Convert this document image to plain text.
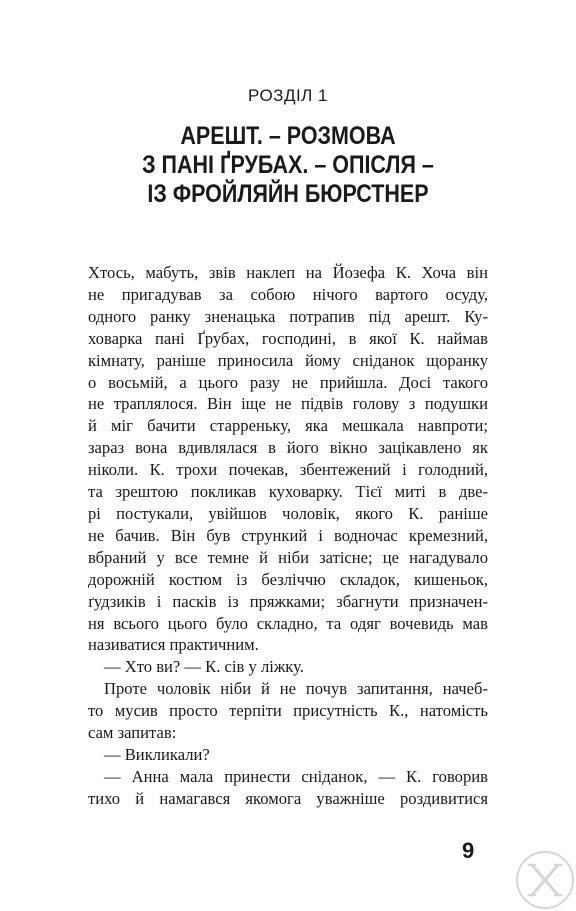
РОЗДІЛ 1
АРЕШТ. – РОЗМОВА
З ПАНІ ҐРУБАХ. – ОПІСЛЯ –
ІЗ ФРОЙЛЯЙН БЮРСТНЕР

Хтось, мабуть, звів наклеп на Йозефа К. Хоча він
не пригадував за собою нічого вартого осуду,
одного ранку зненацька потрапив під арешт. Ку-
ховарка пані Ґрубах, господині, в якої К. наймав
кімнату, раніше приносила йому сніданок щоранку
о восьмій, а цього разу не прийшла. Досі такого
не траплялося. Він іще не підвів голову з подушки
й міг бачити старреньку, яка мешкала навпроти;
зараз вона вдивлялася в його вікно зацікавлено як
ніколи. К. трохи почекав, збентежений і голодний,
та зрештою покликав куховарку. Тієї миті в две-
рі постукали, увійшов чоловік, якого К. раніше
не бачив. Він був стрункий і водночас кремезний,
вбраний у все темне й ніби затісне; це нагадувало
дорожній костюм із безліччю складок, кишеньок,
ґудзиків і пасків із пряжками; збагнути призначен-
ня всього цього було складно, та одяг вочевидь мав
називатися практичним.

— Хто ви? — К. сів у ліжку.

Проте чоловік ніби й не почув запитання, начеб-
то мусив просто терпіти присутність К., натомість
сам запитав:

— Викликали?

— Анна мала принести сніданок, — К. говорив
тихо й намагався якомога уважніше роздивитися

9
